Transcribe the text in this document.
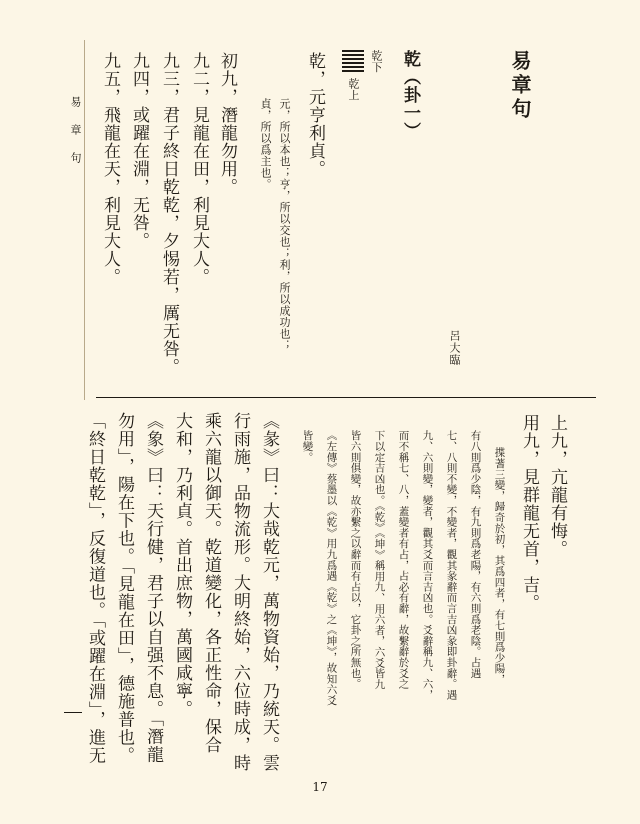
易 章 句
易章句
呂大臨
乾（卦一）
乾下
乾上
乾，元亨利貞。
元，所以本也；亨，所以交也；利，所以成功也；
貞，所以爲主也。
初九，潛龍勿用。
九二，見龍在田，利見大人。
九三，君子終日乾乾，夕惕若，厲无咎。
九四，或躍在淵，无咎。
九五，飛龍在天，利見大人。
上九，亢龍有悔。
用九，見群龍无首，吉。
揲蓍三變，歸奇於初，其爲四者，有七則爲少陽，
有八則爲少陰，有九則爲老陽，有六則爲老陰。占遇
七、八則不變，不變者，觀其彖辭而言吉凶彖即卦辭。遇
九、六則變，變者，觀其爻而言吉凶也。爻辭稱九、六，
而不稱七、八，蓋變者有占，占必有辭，故繫辭於爻之
下以定吉凶也。《乾》《坤》稱用九、用六者，六爻皆九
皆六則俱變，故亦繫之以辭而有占以，它卦之所無也。
《左傳》蔡墨以《乾》用九爲遇《乾》之《坤》，故知六爻
皆變。
《彖》曰：大哉乾元，萬物資始，乃統天。雲
行雨施，品物流形。大明終始，六位時成，時
乘六龍以御天。乾道變化，各正性命，保合
大和，乃利貞。首出庶物，萬國咸寧。
《象》曰：天行健，君子以自强不息。「潛龍
勿用」，陽在下也。「見龍在田」，德施普也。
「終日乾乾」，反復道也。「或躍在淵」，進无
17
